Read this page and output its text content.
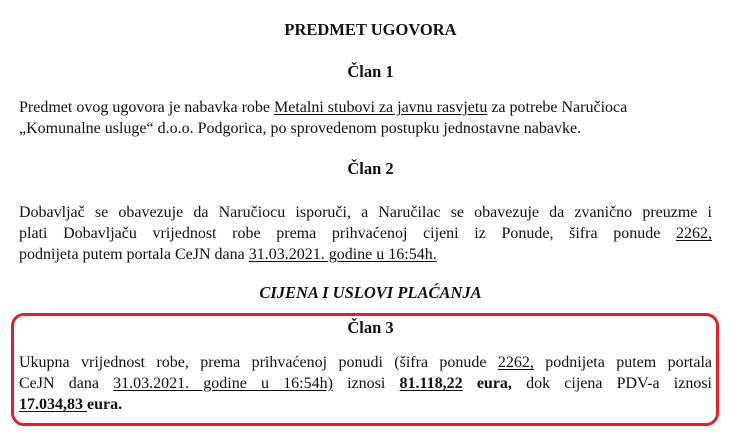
PREDMET UGOVORA
Član 1

Predmet ovog ugovora je nabavka robe Metalni stubovi za javnu rasvjetu za potrebe Naručioca
„Komunalne usluge“ d.o.o. Podgorica, po sprovedenom postupku jednostavne nabavke.

Član 2

Dobavljač se obavezuje da Naručiocu isporuči, a Naručilac se obavezuje da zvanično preuzme i
plati Dobavljaču vrijednost robe prema prihvaćenoj cijeni iz Ponude, šifra ponude 2262,
podnijeta putem portala CeJN dana 31.03.2021. godine u 16:54h.

CIJENA I USLOVI PLAĆANJA
Član 3

Ukupna vrijednost robe, prema prihvaćenoj ponudi (šifra ponude 2262, podnijeta putem portala
CeJN dana 31.03.2021. godine u 16:54h) iznosi 81.118,22 eura, dok cijena PDV-a iznosi
17.034,83 eura.
